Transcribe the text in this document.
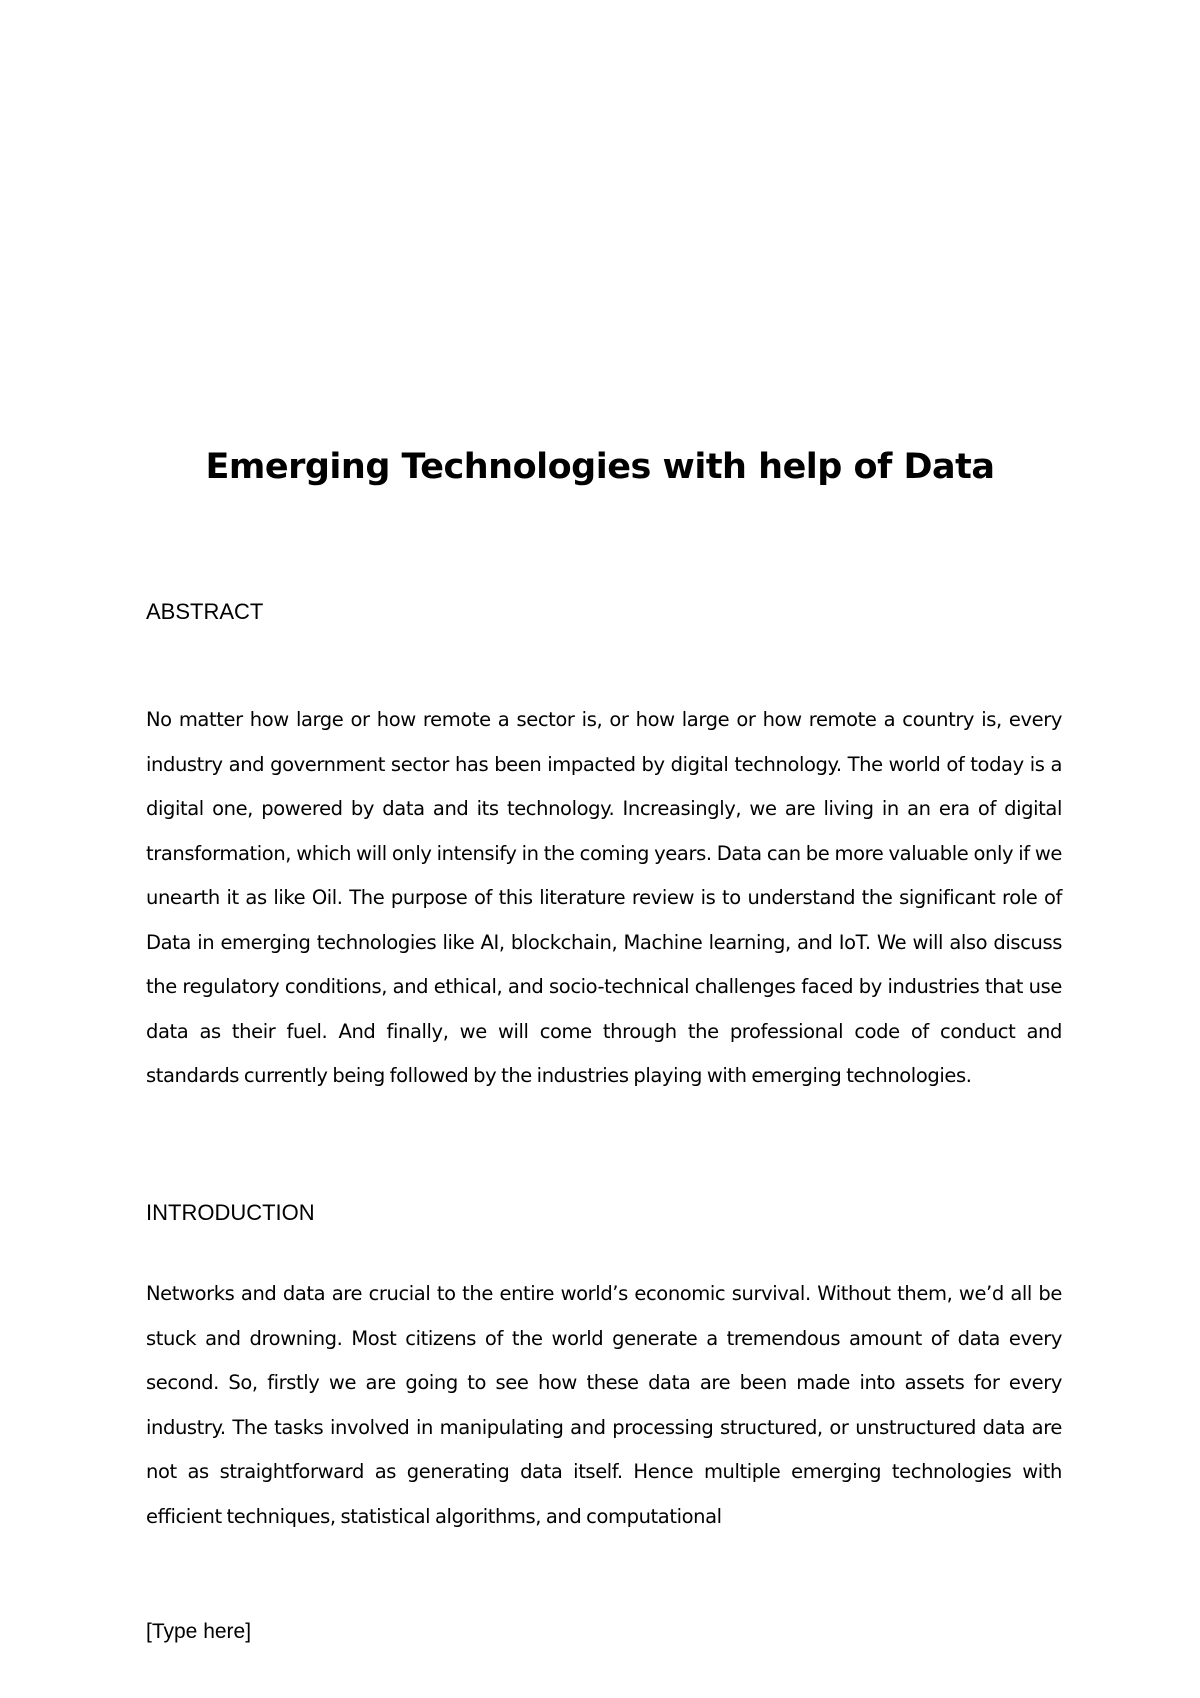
Emerging Technologies with help of Data
ABSTRACT

No matter how large or how remote a sector is, or how large or how remote a country is, every industry and government sector has been impacted by digital technology. The world of today is a digital one, powered by data and its technology. Increasingly, we are living in an era of digital transformation, which will only intensify in the coming years. Data can be more valuable only if we unearth it as like Oil. The purpose of this literature review is to understand the significant role of Data in emerging technologies like AI, blockchain, Machine learning, and IoT. We will also discuss the regulatory conditions, and ethical, and socio-technical challenges faced by industries that use data as their fuel. And finally, we will come through the professional code of conduct and standards currently being followed by the industries playing with emerging technologies.

INTRODUCTION

Networks and data are crucial to the entire world’s economic survival. Without them, we’d all be stuck and drowning. Most citizens of the world generate a tremendous amount of data every second. So, firstly we are going to see how these data are been made into assets for every industry. The tasks involved in manipulating and processing structured, or unstructured data are not as straightforward as generating data itself. Hence multiple emerging technologies with efficient techniques, statistical algorithms, and computational

[Type here]
